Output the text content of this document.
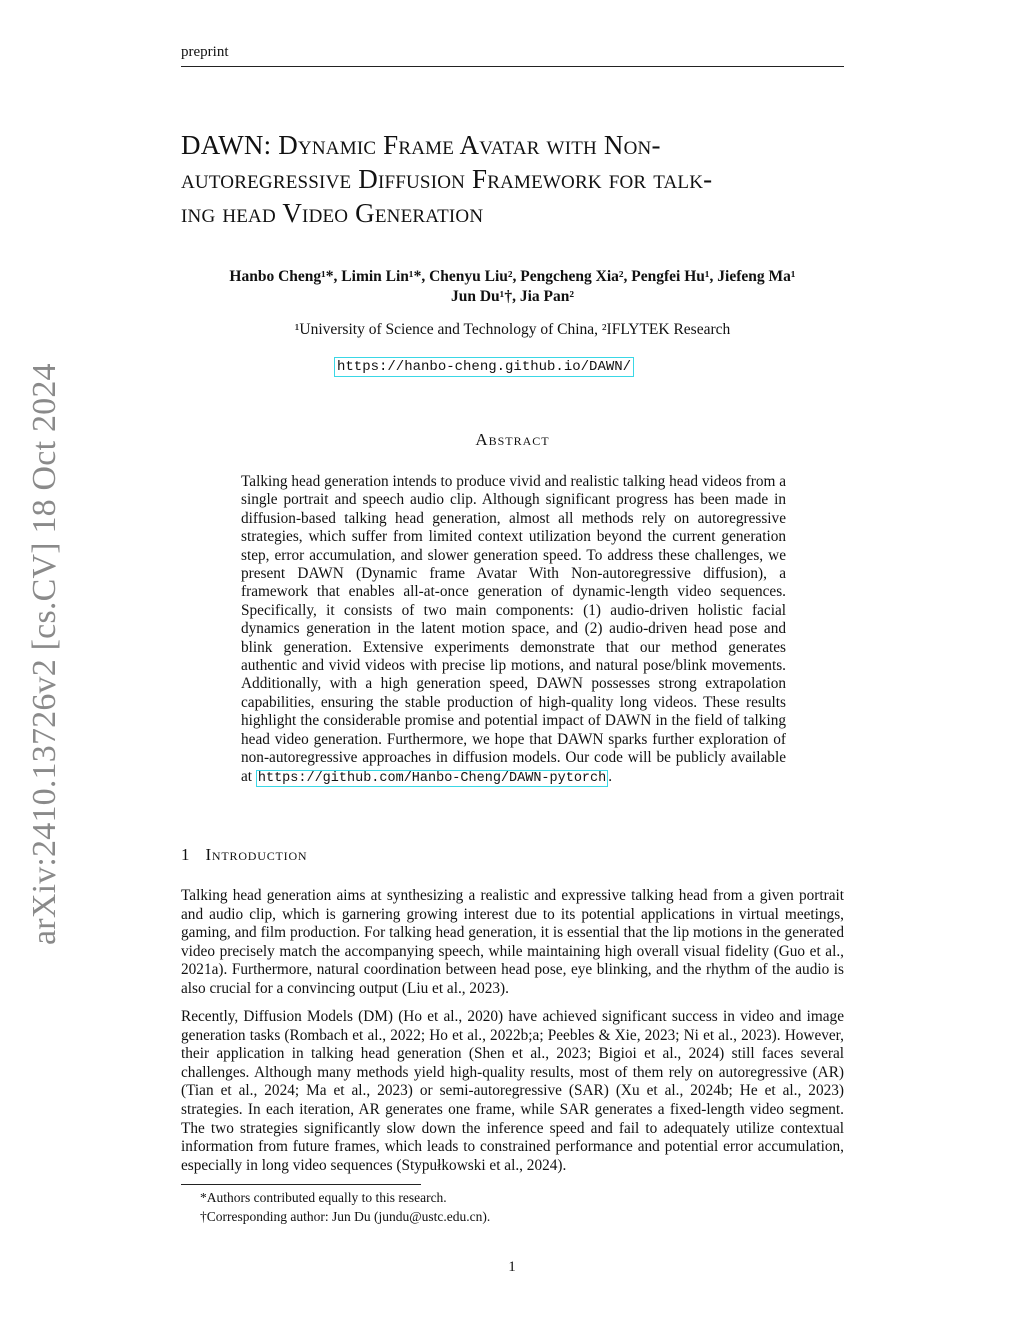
preprint
arXiv:2410.13726v2 [cs.CV] 18 Oct 2024
DAWN: Dynamic Frame Avatar with Non-
autoregressive Diffusion Framework for talk-
ing head Video Generation
Hanbo Cheng¹*, Limin Lin¹*, Chenyu Liu², Pengcheng Xia², Pengfei Hu¹, Jiefeng Ma¹
Jun Du¹†, Jia Pan²
¹University of Science and Technology of China, ²IFLYTEK Research
https://hanbo-cheng.github.io/DAWN/
Abstract

Talking head generation intends to produce vivid and realistic talking head videos from a single portrait and speech audio clip. Although significant progress has been made in diffusion-based talking head generation, almost all methods rely on autoregressive strategies, which suffer from limited context utilization beyond the current generation step, error accumulation, and slower generation speed. To address these challenges, we present DAWN (Dynamic frame Avatar With Non-autoregressive diffusion), a framework that enables all-at-once generation of dynamic-length video sequences. Specifically, it consists of two main components: (1) audio-driven holistic facial dynamics generation in the latent motion space, and (2) audio-driven head pose and blink generation. Extensive experiments demonstrate that our method generates authentic and vivid videos with precise lip motions, and natural pose/blink movements. Additionally, with a high generation speed, DAWN possesses strong extrapolation capabilities, ensuring the stable production of high-quality long videos. These results highlight the considerable promise and potential impact of DAWN in the field of talking head video generation. Furthermore, we hope that DAWN sparks further exploration of non-autoregressive approaches in diffusion models. Our code will be publicly available at https://github.com/Hanbo-Cheng/DAWN-pytorch .

1 Introduction

Talking head generation aims at synthesizing a realistic and expressive talking head from a given portrait and audio clip, which is garnering growing interest due to its potential applications in virtual meetings, gaming, and film production. For talking head generation, it is essential that the lip motions in the generated video precisely match the accompanying speech, while maintaining high overall visual fidelity (Guo et al., 2021a). Furthermore, natural coordination between head pose, eye blinking, and the rhythm of the audio is also crucial for a convincing output (Liu et al., 2023).

Recently, Diffusion Models (DM) (Ho et al., 2020) have achieved significant success in video and image generation tasks (Rombach et al., 2022; Ho et al., 2022b;a; Peebles & Xie, 2023; Ni et al., 2023). However, their application in talking head generation (Shen et al., 2023; Bigioi et al., 2024) still faces several challenges. Although many methods yield high-quality results, most of them rely on autoregressive (AR) (Tian et al., 2024; Ma et al., 2023) or semi-autoregressive (SAR) (Xu et al., 2024b; He et al., 2023) strategies. In each iteration, AR generates one frame, while SAR generates a fixed-length video segment. The two strategies significantly slow down the inference speed and fail to adequately utilize contextual information from future frames, which leads to constrained performance and potential error accumulation, especially in long video sequences (Stypułkowski et al., 2024).

*Authors contributed equally to this research.
†Corresponding author: Jun Du (jundu@ustc.edu.cn).
1
